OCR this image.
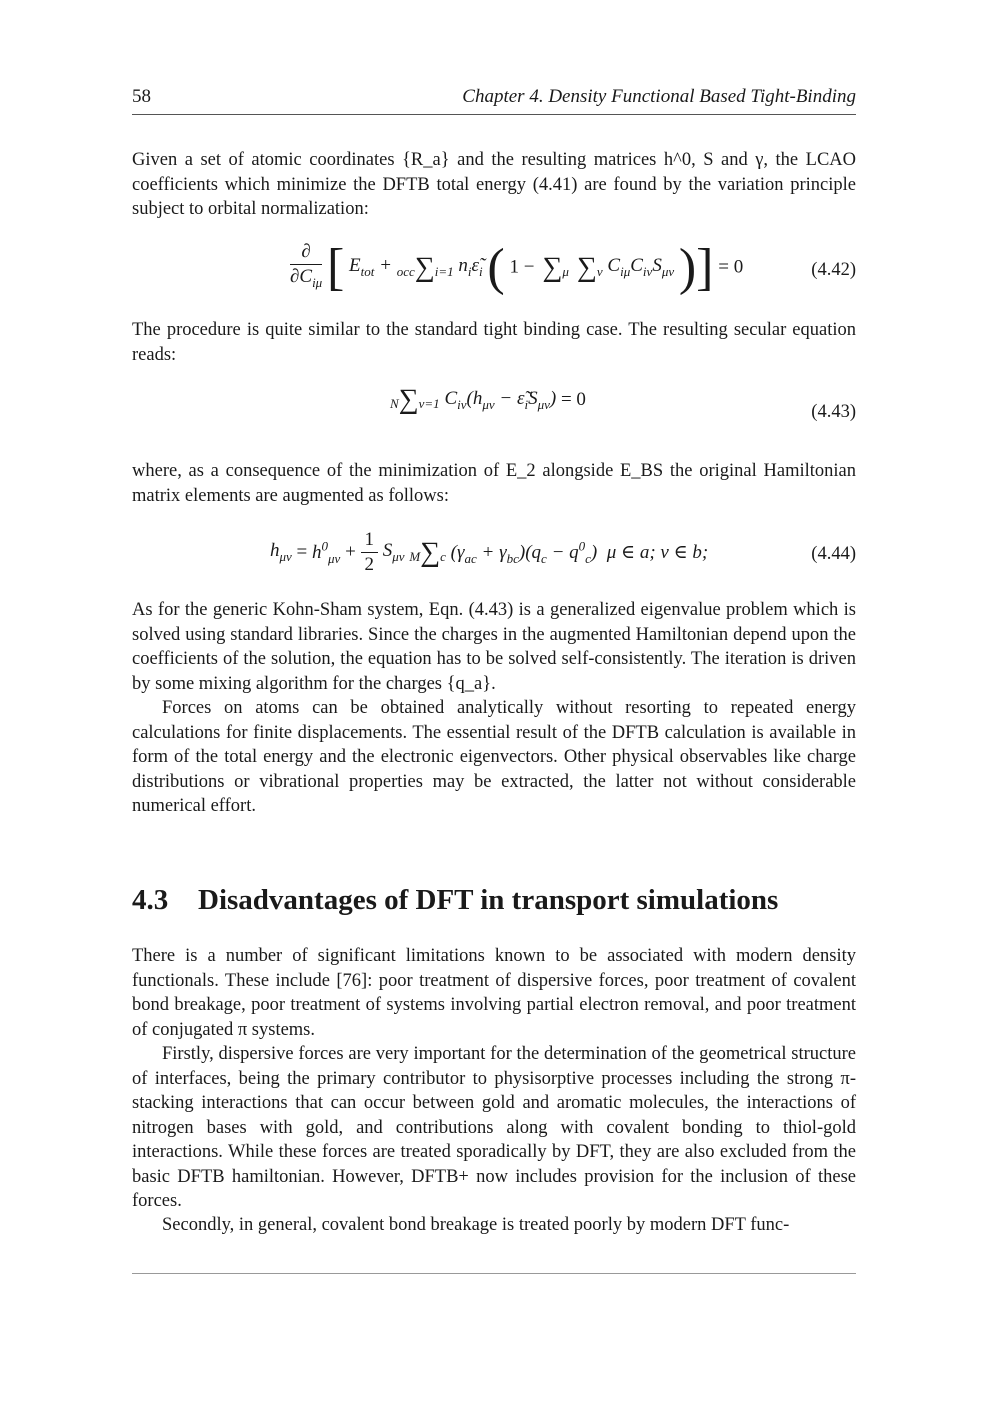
58	Chapter 4. Density Functional Based Tight-Binding
Given a set of atomic coordinates {R_a} and the resulting matrices h^0, S and γ, the LCAO coefficients which minimize the DFTB total energy (4.41) are found by the variation principle subject to orbital normalization:
$\frac{\partial}{\partial C_{i\mu}}$ [ $E_{tot} + occ\sum i=1$ $n_i\varepsiloñ_i$ ( 1 −  ∑μ ∑ν $C_{i\mu}C_{i\nu}S_{\mu\nu}$ )] = 0	(4.42)
The procedure is quite similar to the standard tight binding case. The resulting secular equation reads:
N∑ν=1 $C_{i\nu}(h_{\mu\nu}$ − $\varepsiloñ_iS_{\mu\nu}) = 0$
(4.43)
where, as a consequence of the minimization of E_2 alongside E_BS the original Hamiltonian matrix elements are augmented as follows:
$h_{\mu\nu} = h^0_{\mu\nu} + \frac{1}{2} S_{\mu\nu}$ M∑c $(\gamma_{ac} + \gamma_{bc})(q_c - q^0_c)$  μ ∈ a; ν ∈ b;	(4.44)
As for the generic Kohn-Sham system, Eqn. (4.43) is a generalized eigenvalue problem which is solved using standard libraries. Since the charges in the augmented Hamiltonian depend upon the coefficients of the solution, the equation has to be solved self-consistently. The iteration is driven by some mixing algorithm for the charges {q_a}.
Forces on atoms can be obtained analytically without resorting to repeated energy calculations for finite displacements. The essential result of the DFTB calculation is available in form of the total energy and the electronic eigenvectors. Other physical observables like charge distributions or vibrational properties may be extracted, the latter not without considerable numerical effort.
4.3 Disadvantages of DFT in transport simulations
There is a number of significant limitations known to be associated with modern density functionals. These include [76]: poor treatment of dispersive forces, poor treatment of covalent bond breakage, poor treatment of systems involving partial electron removal, and poor treatment of conjugated π systems.
Firstly, dispersive forces are very important for the determination of the geometrical structure of interfaces, being the primary contributor to physisorptive processes including the strong π-stacking interactions that can occur between gold and aromatic molecules, the interactions of nitrogen bases with gold, and contributions along with covalent bonding to thiol-gold interactions. While these forces are treated sporadically by DFT, they are also excluded from the basic DFTB hamiltonian. However, DFTB+ now includes provision for the inclusion of these forces.
Secondly, in general, covalent bond breakage is treated poorly by modern DFT func-
